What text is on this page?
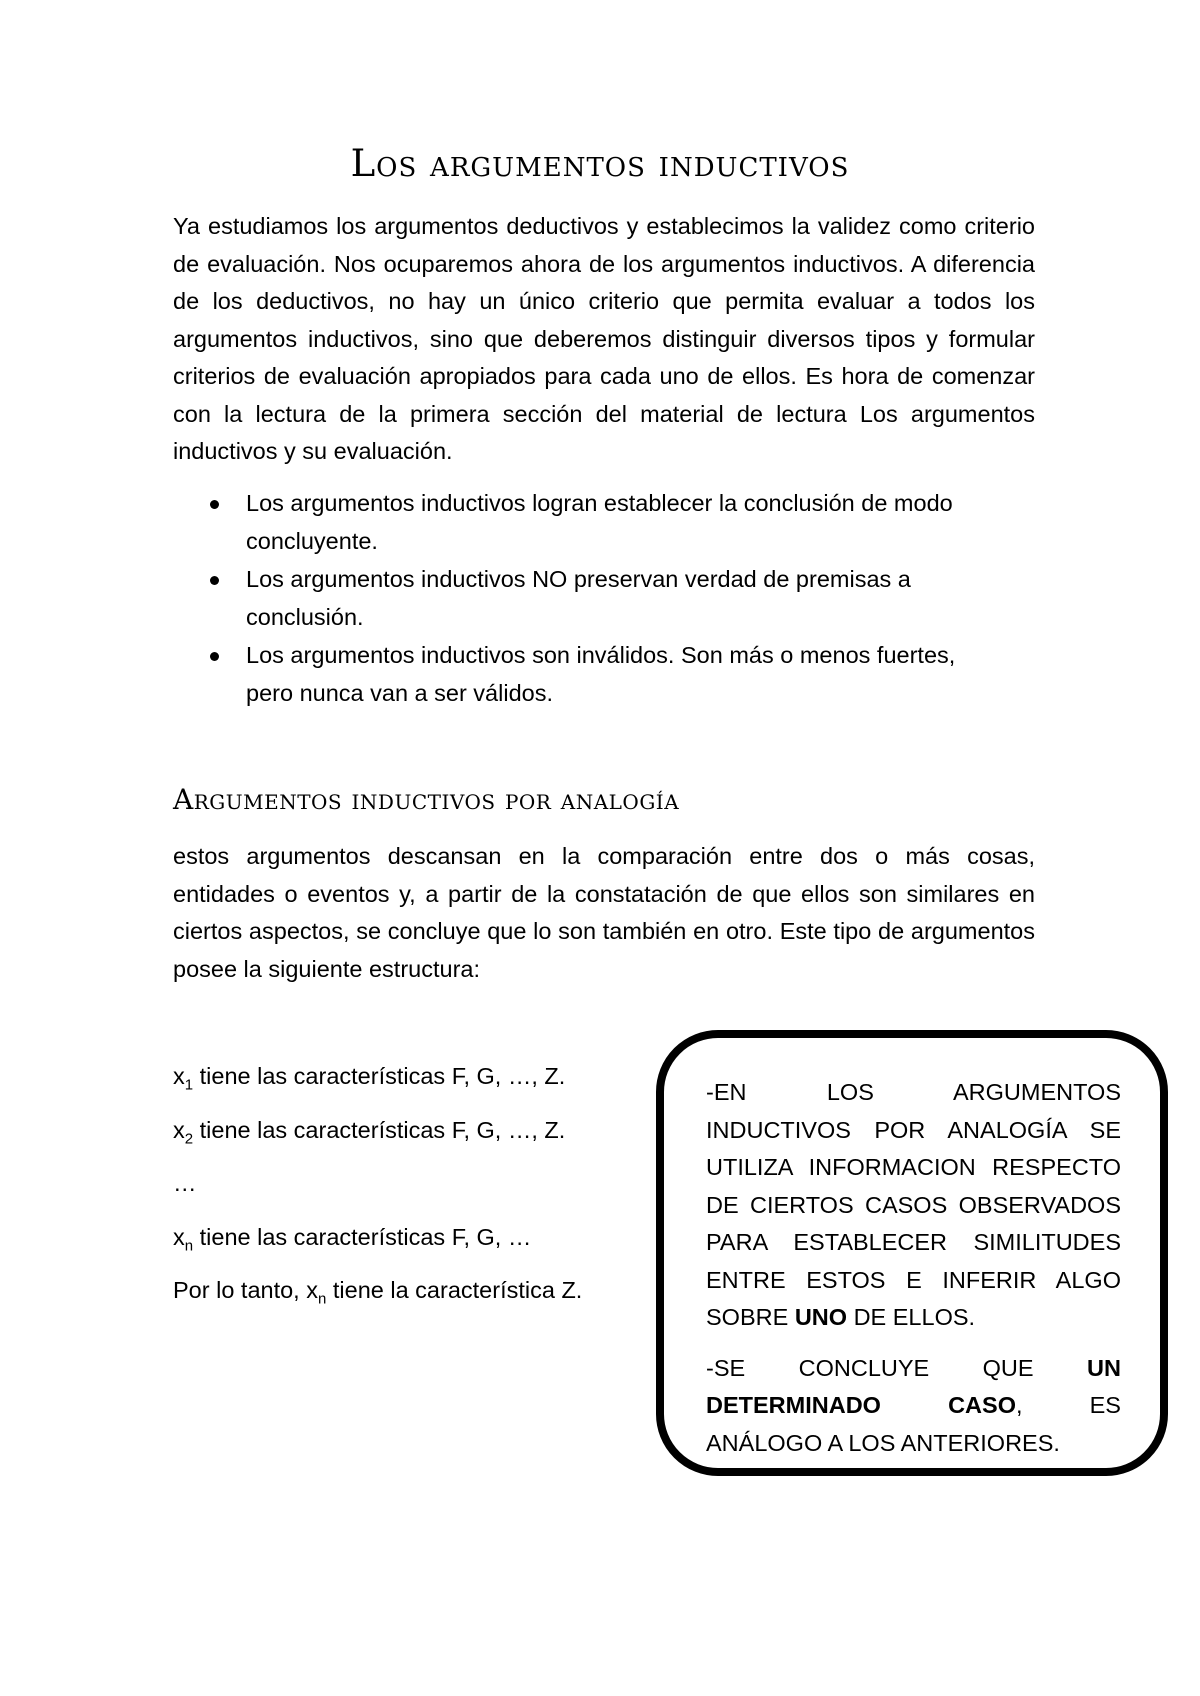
Los argumentos inductivos

Ya estudiamos los argumentos deductivos y establecimos la validez como criterio de evaluación. Nos ocuparemos ahora de los argumentos inductivos. A diferencia de los deductivos, no hay un único criterio que permita evaluar a todos los argumentos inductivos, sino que deberemos distinguir diversos tipos y formular criterios de evaluación apropiados para cada uno de ellos. Es hora de comenzar con la lectura de la primera sección del material de lectura Los argumentos inductivos y su evaluación.

Los argumentos inductivos logran establecer la conclusión de modo concluyente.
Los argumentos inductivos NO preservan verdad de premisas a conclusión.
Los argumentos inductivos son inválidos. Son más o menos fuertes, pero nunca van a ser válidos.
Argumentos inductivos por analogía

estos argumentos descansan en la comparación entre dos o más cosas, entidades o eventos y, a partir de la constatación de que ellos son similares en ciertos aspectos, se concluye que lo son también en otro. Este tipo de argumentos posee la siguiente estructura:

$x_1$ tiene las características F, G, …, Z.

$x_2$ tiene las características F, G, …, Z.

…

$x_n$ tiene las características F, G, …

Por lo tanto, $x_n$ tiene la característica Z.

-EN LOS ARGUMENTOS INDUCTIVOS POR ANALOGÍA SE UTILIZA INFORMACION RESPECTO DE CIERTOS CASOS OBSERVADOS PARA ESTABLECER SIMILITUDES ENTRE ESTOS E INFERIR ALGO SOBRE UNO DE ELLOS.

-SE CONCLUYE QUE UN DETERMINADO CASO, ES ANÁLOGO A LOS ANTERIORES.
